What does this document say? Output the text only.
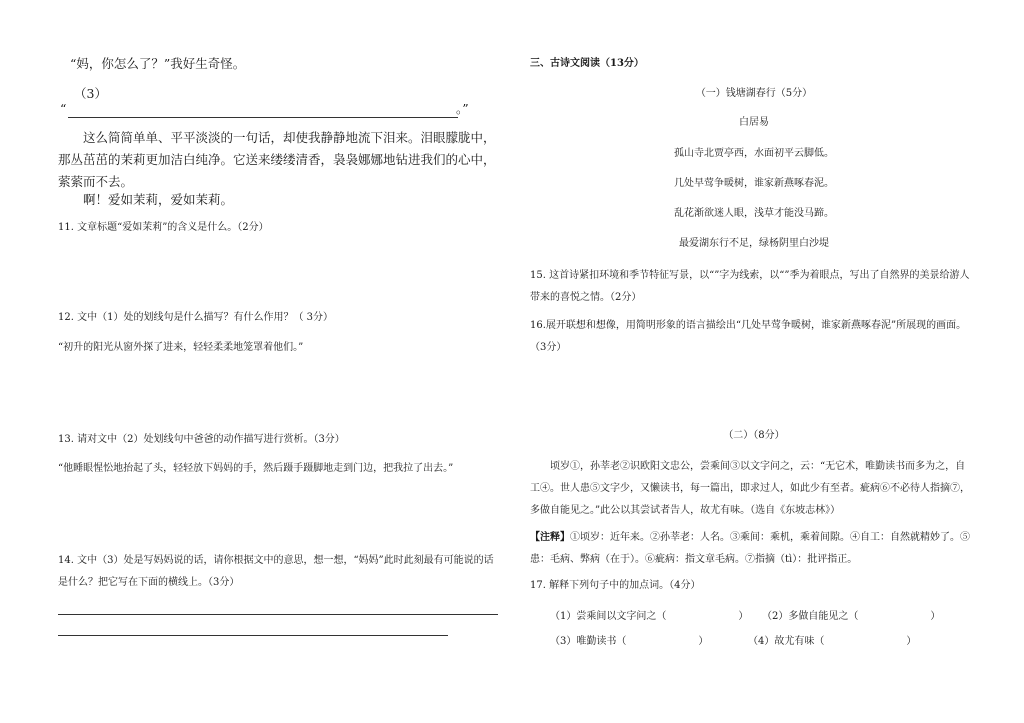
“妈，你怎么了？”我好生奇怪。
（3）
“	。”
这么简简单单、平平淡淡的一句话，却使我静静地流下泪来。泪眼朦胧中，那丛茁茁的茉莉更加洁白纯净。它送来缕缕清香，袅袅娜娜地钻进我们的心中，萦萦而不去。
啊！爱如茉莉，爱如茉莉。
11. 文章标题“爱如茉莉”的含义是什么。（2分）
12. 文中（1）处的划线句是什么描写？有什么作用？（ 3分）
“初升的阳光从窗外探了进来，轻轻柔柔地笼罩着他们。”
13. 请对文中（2）处划线句中爸爸的动作描写进行赏析。（3分）
“他睡眼惺忪地抬起了头，轻轻放下妈妈的手，然后蹑手蹑脚地走到门边，把我拉了出去。”
14. 文中（3）处是写妈妈说的话，请你根据文中的意思，想一想，“妈妈”此时此刻最有可能说的话是什么？把它写在下面的横线上。（3分）
三、古诗文阅读（13分）
（一）钱塘湖春行（5分）
白居易
孤山寺北贾亭西，水面初平云脚低。
几处早莺争暖树，谁家新燕啄春泥。
乱花渐欲迷人眼，浅草才能没马蹄。
最爱湖东行不足，绿杨阴里白沙堤
15. 这首诗紧扣环境和季节特征写景，以“”字为线索，以“”季为着眼点，写出了自然界的美景给游人带来的喜悦之情。（2分）
16.展开联想和想像，用简明形象的语言描绘出“几处早莺争暖树，谁家新燕啄春泥”所展现的画面。（3分）
（二）（8分）
顷岁①，孙莘老②识欧阳文忠公，尝乘间③以文字问之，云：“无它术，唯勤读书而多为之，自工④。世人患⑤文字少，又懒读书，每一篇出，即求过人，如此少有至者。疵病⑥不必待人指摘⑦，多做自能见之。”此公以其尝试者告人，故尤有味。（选自《东坡志林》）
【注释】①顷岁：近年来。②孙莘老：人名。③乘间：乘机，乘着间隙。④自工：自然就精妙了。⑤患：毛病、弊病（在于）。⑥疵病：指文章毛病。⑦指摘（tì）：批评指正。
17. 解释下列句子中的加点词。（4分）
（1）尝乘间以文字问之（	） （2）多做自能见之（	）
（3）唯勤读书（	）	（4）故尤有味（	）
